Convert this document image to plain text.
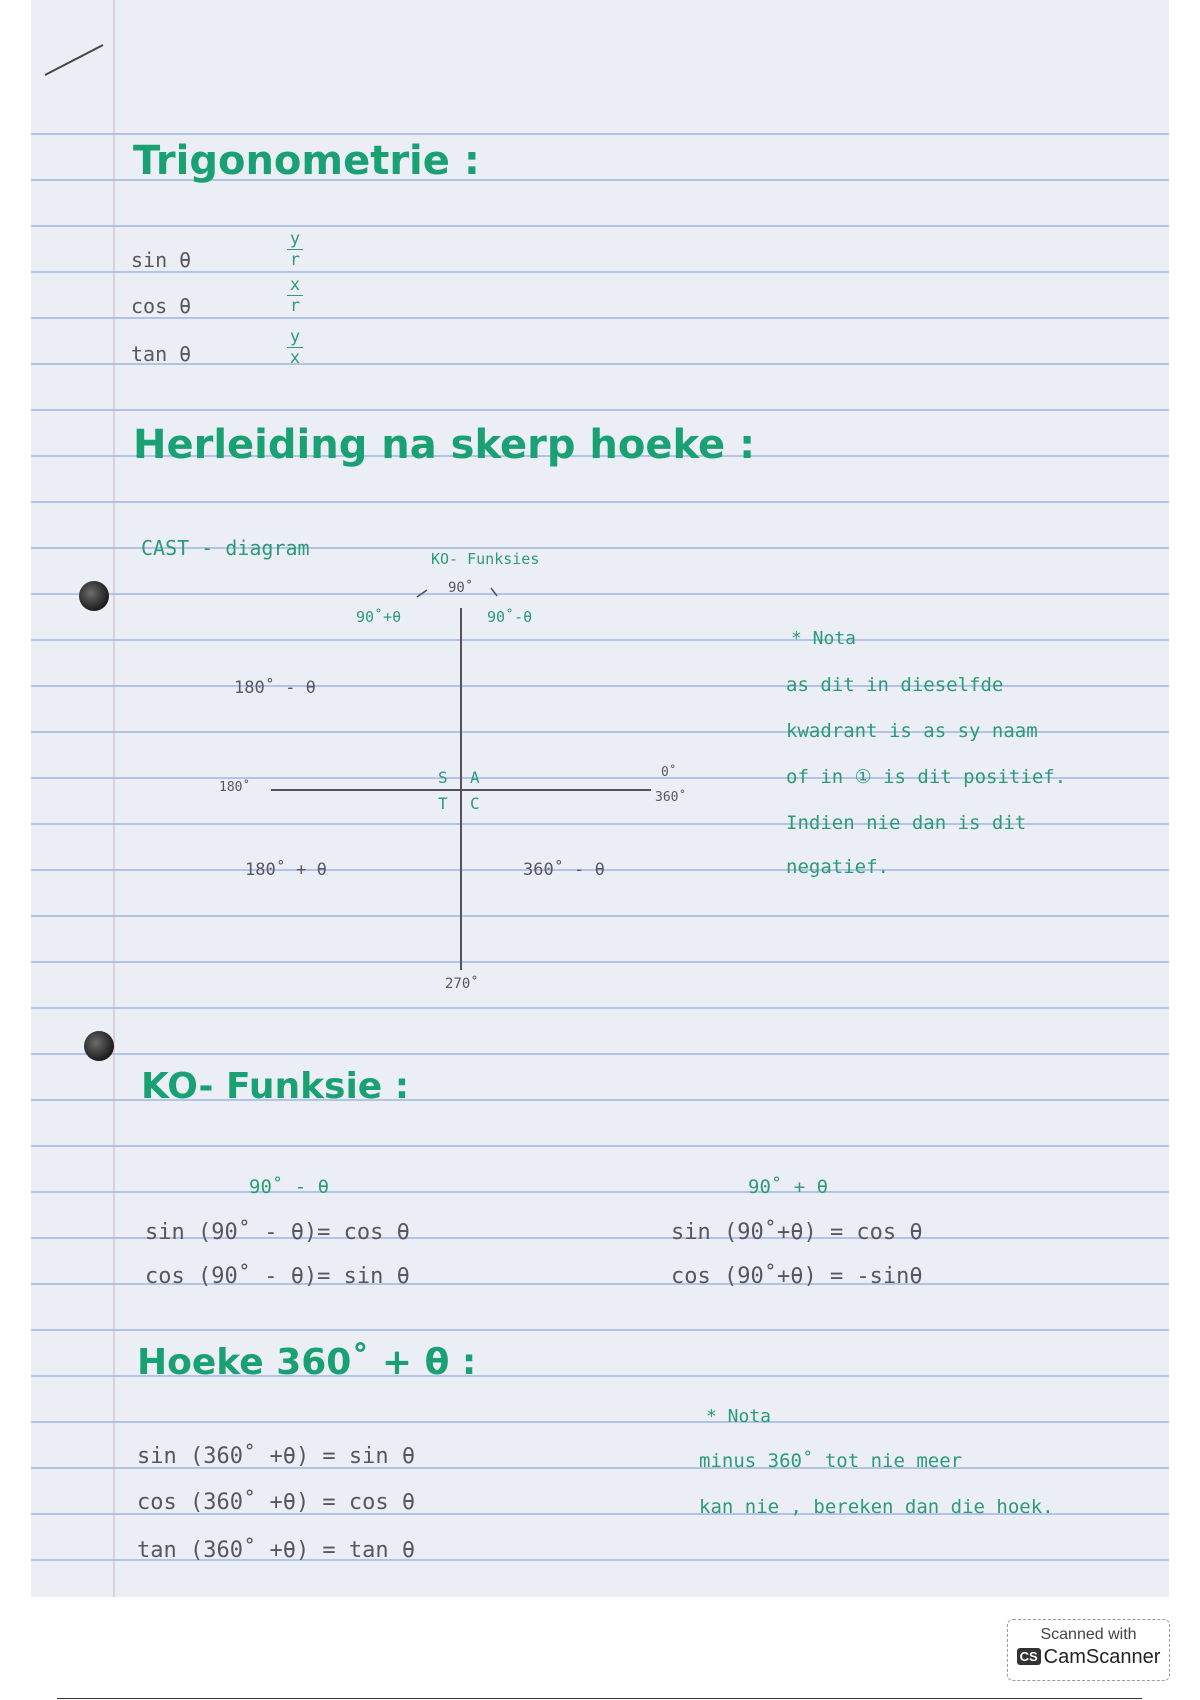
Trigonometrie :
sin θ
y
r
cos θ
x
r
tan θ
y
x
Herleiding na skerp hoeke :
CAST - diagram	KO- Funksies
90˚
90˚+θ	90˚-θ
180˚ - θ
180˚
S A
T C
0˚
360˚
180˚ + θ	360˚ - θ
270˚
* Nota
as dit in dieselfde
kwadrant is as sy naam
of in ① is dit positief.
Indien nie dan is dit
negatief.
KO- Funksie :
90˚ - θ
sin (90˚ - θ)= cos θ
cos (90˚ - θ)= sin θ
90˚ + θ
sin (90˚+θ) = cos θ
cos (90˚+θ) = -sinθ
Hoeke 360˚ + θ :
sin (360˚ +θ) = sin θ
cos (360˚ +θ) = cos θ
tan (360˚ +θ) = tan θ
* Nota
minus 360˚ tot nie meer
kan nie , bereken dan die hoek.
Scanned with
CS CamScanner
